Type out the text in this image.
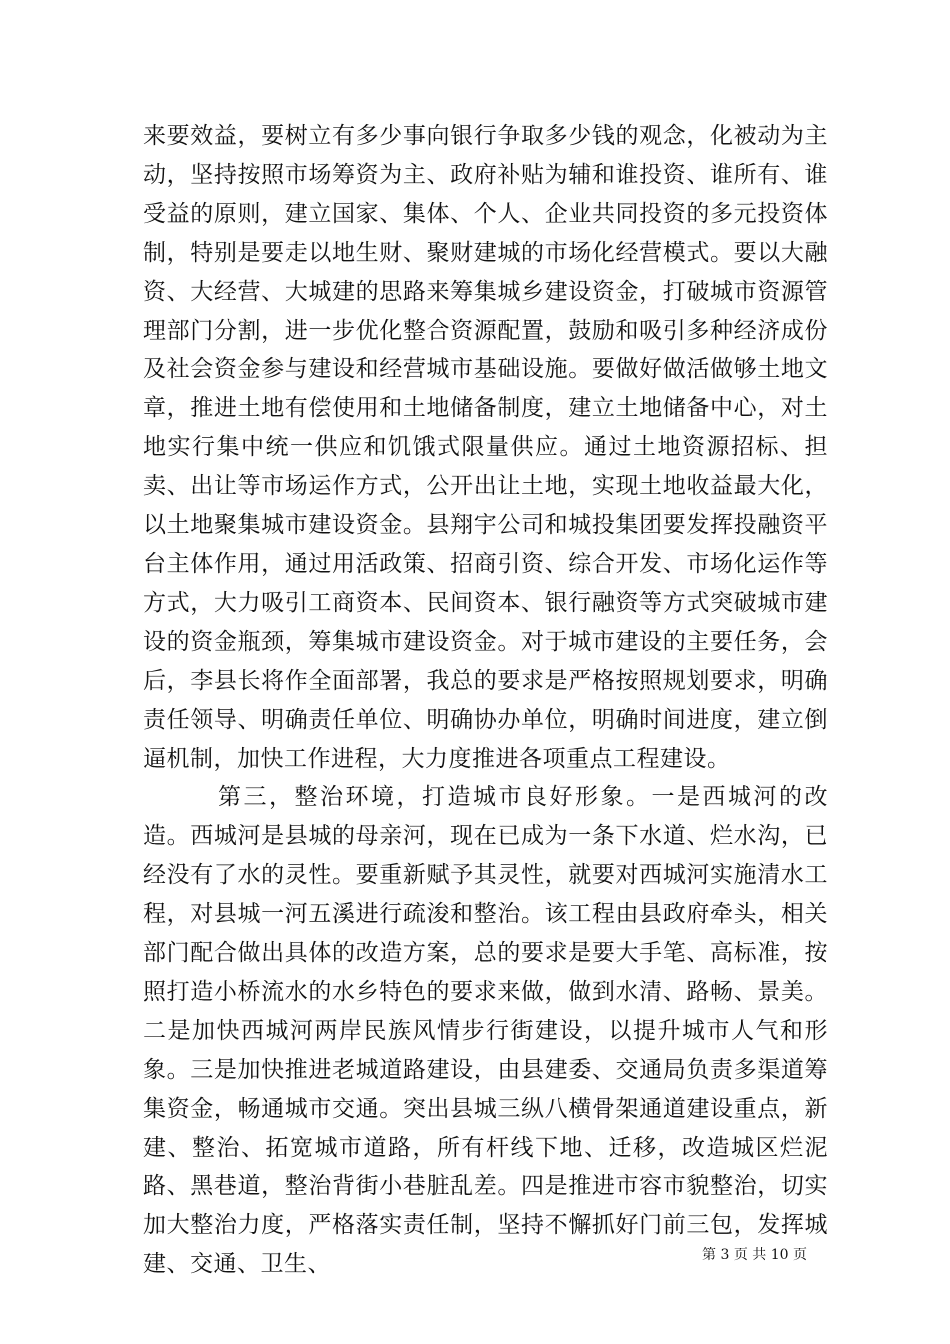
来要效益，要树立有多少事向银行争取多少钱的观念，化被动为主动，坚持按照市场筹资为主、政府补贴为辅和谁投资、谁所有、谁受益的原则，建立国家、集体、个人、企业共同投资的多元投资体制，特别是要走以地生财、聚财建城的市场化经营模式。要以大融资、大经营、大城建的思路来筹集城乡建设资金，打破城市资源管理部门分割，进一步优化整合资源配置，鼓励和吸引多种经济成份及社会资金参与建设和经营城市基础设施。要做好做活做够土地文章，推进土地有偿使用和土地储备制度，建立土地储备中心，对土地实行集中统一供应和饥饿式限量供应。通过土地资源招标、担卖、出让等市场运作方式，公开出让土地，实现土地收益最大化，以土地聚集城市建设资金。县翔宇公司和城投集团要发挥投融资平台主体作用，通过用活政策、招商引资、综合开发、市场化运作等方式，大力吸引工商资本、民间资本、银行融资等方式突破城市建设的资金瓶颈，筹集城市建设资金。对于城市建设的主要任务，会后，李县长将作全面部署，我总的要求是严格按照规划要求，明确责任领导、明确责任单位、明确协办单位，明确时间进度，建立倒逼机制，加快工作进程，大力度推进各项重点工程建设。

第三，整治环境，打造城市良好形象。一是西城河的改造。西城河是县城的母亲河，现在已成为一条下水道、烂水沟，已经没有了水的灵性。要重新赋予其灵性，就要对西城河实施清水工程，对县城一河五溪进行疏浚和整治。该工程由县政府牵头，相关部门配合做出具体的改造方案，总的要求是要大手笔、高标准，按照打造小桥流水的水乡特色的要求来做，做到水清、路畅、景美。二是加快西城河两岸民族风情步行街建设，以提升城市人气和形象。三是加快推进老城道路建设，由县建委、交通局负责多渠道筹集资金，畅通城市交通。突出县城三纵八横骨架通道建设重点，新建、整治、拓宽城市道路，所有杆线下地、迁移，改造城区烂泥路、黑巷道，整治背街小巷脏乱差。四是推进市容市貌整治，切实加大整治力度，严格落实责任制，坚持不懈抓好门前三包，发挥城建、交通、卫生、	第 3 页 共 10 页
